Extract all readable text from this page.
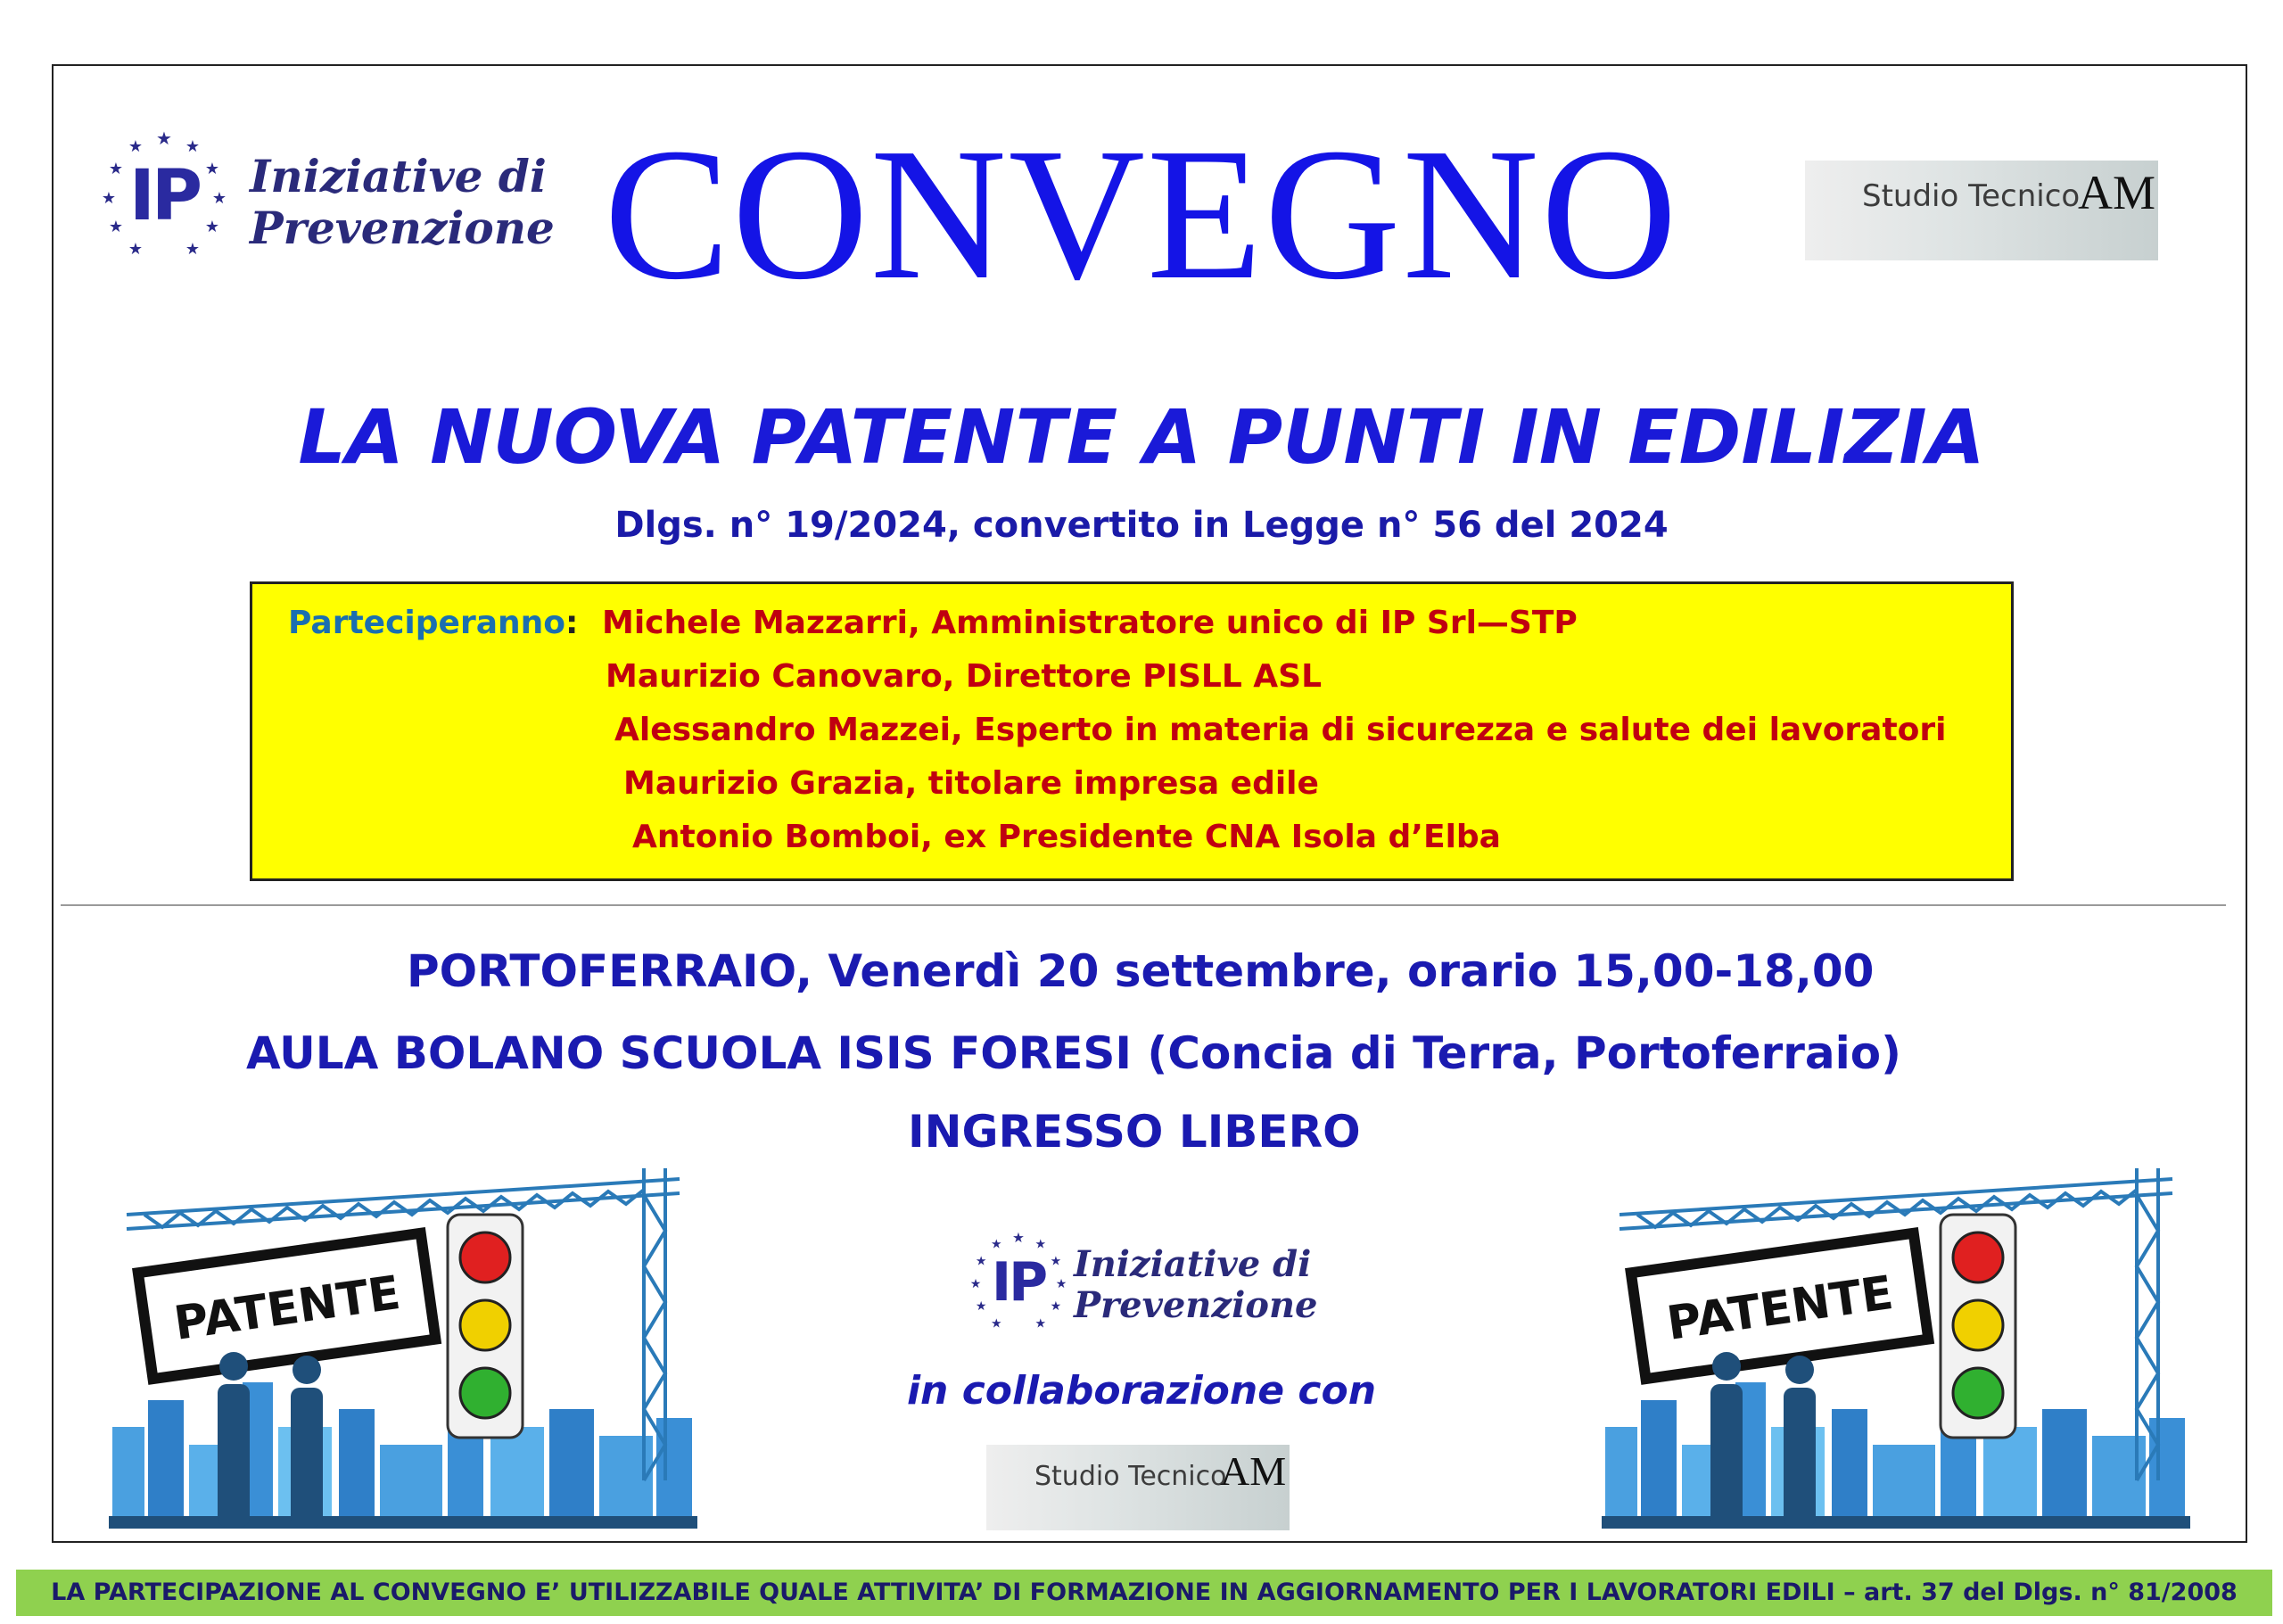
★ ★
★
★
★
★
★
★
★
★
★
IP Iniziative di
Prevenzione CONVEGNO	Studio Tecnico
AM
LA NUOVA PATENTE A PUNTI IN EDILIZIA
Dlgs. n° 19/2024, convertito in Legge n° 56 del 2024
Parteciperanno: Michele Mazzarri, Amministratore unico di IP Srl—STP
Maurizio Canovaro, Direttore PISLL ASL
Alessandro Mazzei, Esperto in materia di sicurezza e salute dei lavoratori
Maurizio Grazia, titolare impresa edile
Antonio Bomboi, ex Presidente CNA Isola d’Elba
PORTOFERRAIO, Venerdì 20 settembre, orario 15,00-18,00
AULA BOLANO SCUOLA ISIS FORESI (Concia di Terra, Portoferraio)
INGRESSO LIBERO
PATENTE	PATENTE
★ ★
★
★
★
★
★
★
★
★
★
IP Iniziative di
Prevenzione
in collaborazione con
Studio Tecnico
AM
LA PARTECIPAZIONE AL CONVEGNO E’ UTILIZZABILE QUALE ATTIVITA’ DI FORMAZIONE IN AGGIORNAMENTO PER I LAVORATORI EDILI – art. 37 del Dlgs. n° 81/2008
